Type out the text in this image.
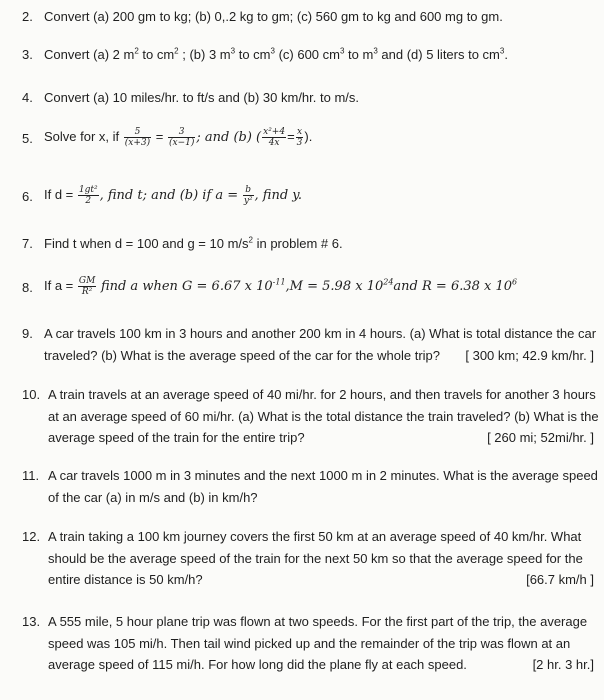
2. Convert (a) 200 gm to kg; (b) 0,.2 kg to gm; (c) 560 gm to kg and 600 mg to gm.
3. Convert (a) 2 $m^2$ to $cm^2$ ; (b) 3 $m^3$ to $cm^3$ (c) 600 $cm^3$ to $m^3$ and (d) 5 liters to $cm^3$.
4. Convert (a) 10 miles/hr. to ft/s and (b) 30 km/hr. to m/s.
5. Solve for x, if $\frac{5}{(x+3)} = \frac{3}{(x-1)}$ ; and (b) ( $\frac{\text{x²+4}}{4x} = \frac{x}{3}$ ).
6. If $d = \frac{\text{1gt²}}{2}$ , find t; and (b) if $a = \frac{b}{\text{y²}}$ , find y.
7. Find t when d = 100 and g = 10 $m/s^2$ in problem # 6.
8. If $a = \frac{GM}{\text{R²}}$ find a when G = 6.67 x $10^{-11},M = 5.98$ x $10^{24}and$ R = 6.38 x $10^6$
9. A car travels 100 km in 3 hours and another 200 km in 4 hours. (a) What is total distance the car
traveled? (b) What is the average speed of the car for the whole trip? [ 300 km; 42.9 km/hr. ]
10. A train travels at an average speed of 40 mi/hr. for 2 hours, and then travels for another 3 hours
at an average speed of 60 mi/hr. (a) What is the total distance the train traveled? (b) What is the
average speed of the train for the entire trip?	[ 260 mi; 52mi/hr. ]
11. A car travels 1000 m in 3 minutes and the next 1000 m in 2 minutes. What is the average speed
of the car (a) in m/s and (b) in km/h?
12. A train taking a 100 km journey covers the first 50 km at an average speed of 40 km/hr. What
should be the average speed of the train for the next 50 km so that the average speed for the
entire distance is 50 km/h?	[66.7 km/h ]
13. A 555 mile, 5 hour plane trip was flown at two speeds. For the first part of the trip, the average
speed was 105 mi/h. Then tail wind picked up and the remainder of the trip was flown at an
average speed of 115 mi/h. For how long did the plane fly at each speed.	[2 hr. 3 hr.]
